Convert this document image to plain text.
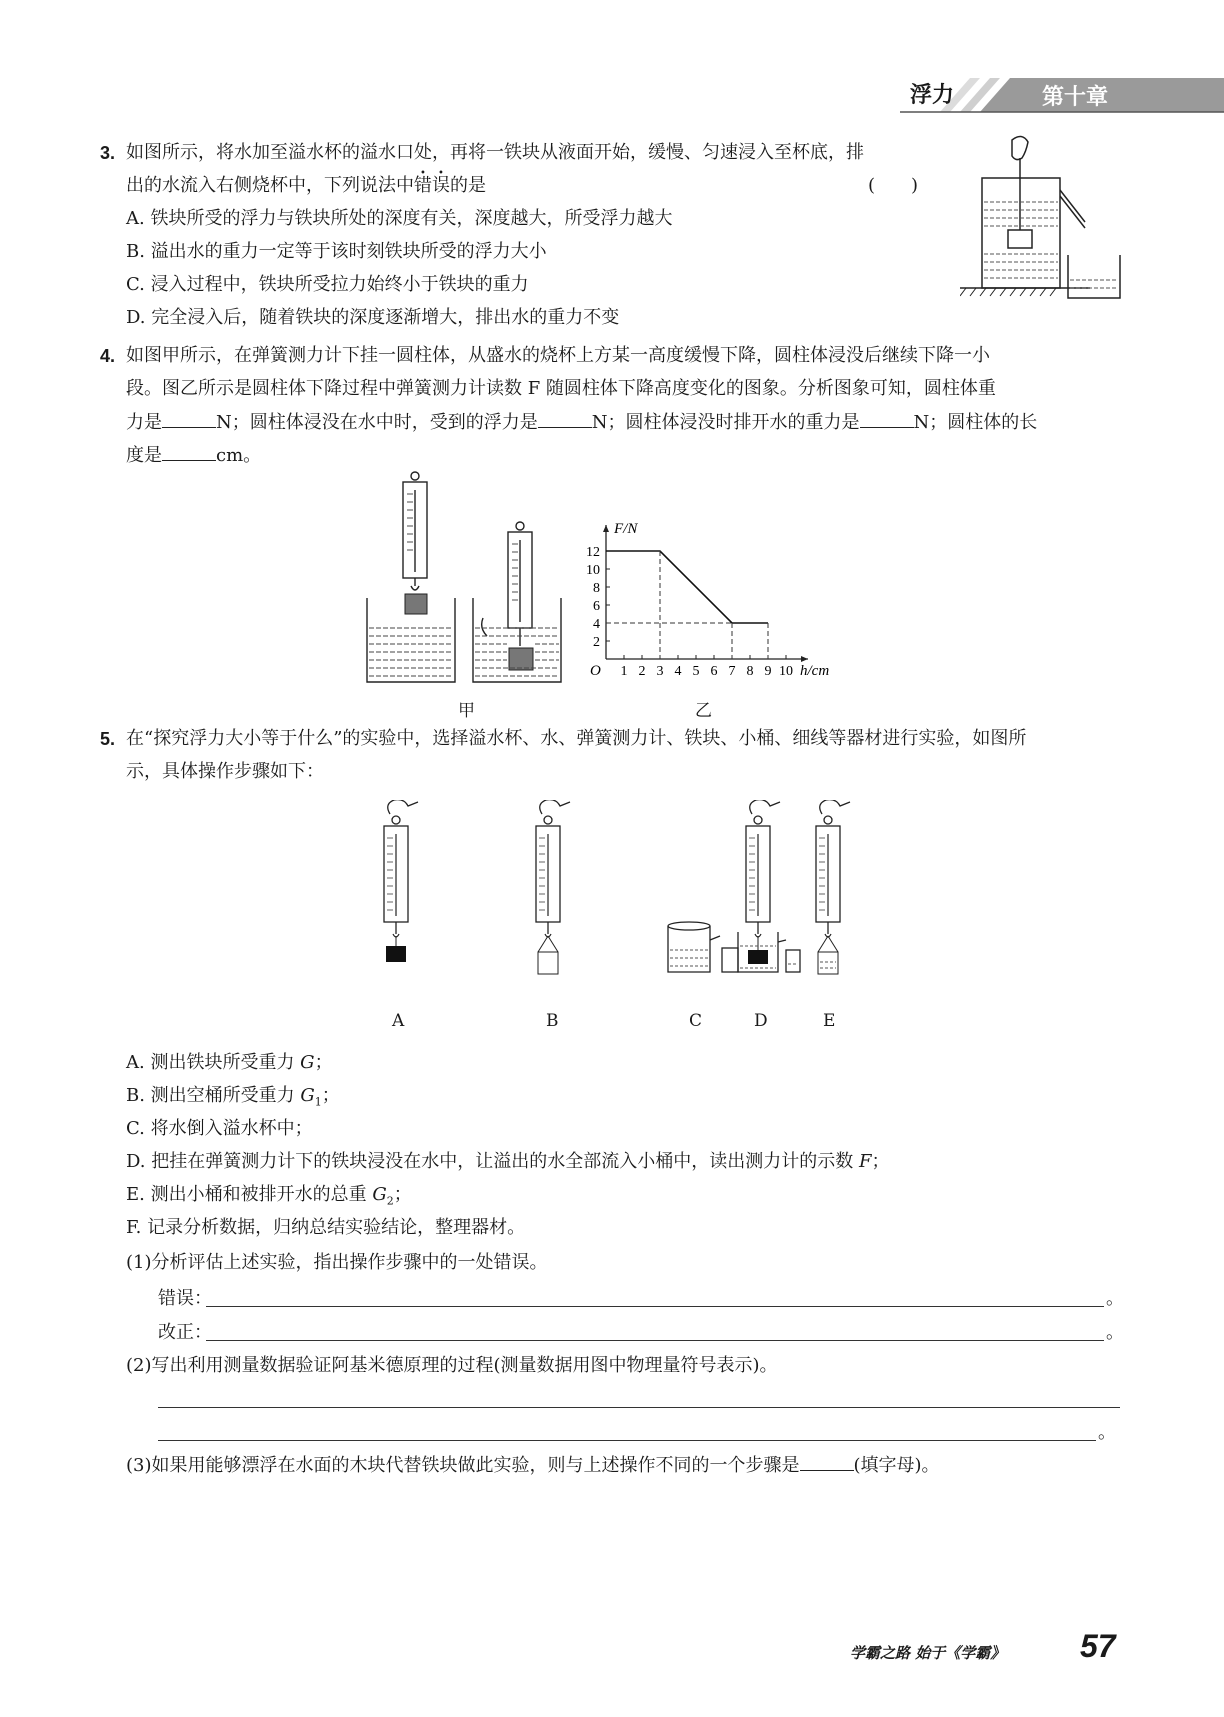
浮力	第十章
3. 如图所示，将水加至溢水杯的溢水口处，再将一铁块从液面开始，缓慢、匀速浸入至杯底，排
出的水流入右侧烧杯中，下列说法中错误的是	(　　)
A. 铁块所受的浮力与铁块所处的深度有关，深度越大，所受浮力越大
B. 溢出水的重力一定等于该时刻铁块所受的浮力大小
C. 浸入过程中，铁块所受拉力始终小于铁块的重力
D. 完全浸入后，随着铁块的深度逐渐增大，排出水的重力不变
4. 如图甲所示，在弹簧测力计下挂一圆柱体，从盛水的烧杯上方某一高度缓慢下降，圆柱体浸没后继续下降一小
段。图乙所示是圆柱体下降过程中弹簧测力计读数 F 随圆柱体下降高度变化的图象。分析图象可知，圆柱体重
力是	N；圆柱体浸没在水中时，受到的浮力是	N；圆柱体浸没时排开水的重力是	N；圆柱体的长
度是	cm。
甲
F/N
h/cm
O 1 2 3 4 5 6 7 8 9 10
2
4
6
8
10
12
乙
5. 在“探究浮力大小等于什么”的实验中，选择溢水杯、水、弹簧测力计、铁块、小桶、细线等器材进行实验，如图所
示，具体操作步骤如下：
A	B	C	D	E
A. 测出铁块所受重力 G；
B. 测出空桶所受重力 $G_1$；
C. 将水倒入溢水杯中；
D. 把挂在弹簧测力计下的铁块浸没在水中，让溢出的水全部流入小桶中，读出测力计的示数 F；
E. 测出小桶和被排开水的总重 $G_2$；
F. 记录分析数据，归纳总结实验结论，整理器材。
(1)分析评估上述实验，指出操作步骤中的一处错误。
错误：	。
改正：	。
(2)写出利用测量数据验证阿基米德原理的过程(测量数据用图中物理量符号表示)。
。
(3)如果用能够漂浮在水面的木块代替铁块做此实验，则与上述操作不同的一个步骤是	(填字母)。
学霸之路 始于《学霸》 57
